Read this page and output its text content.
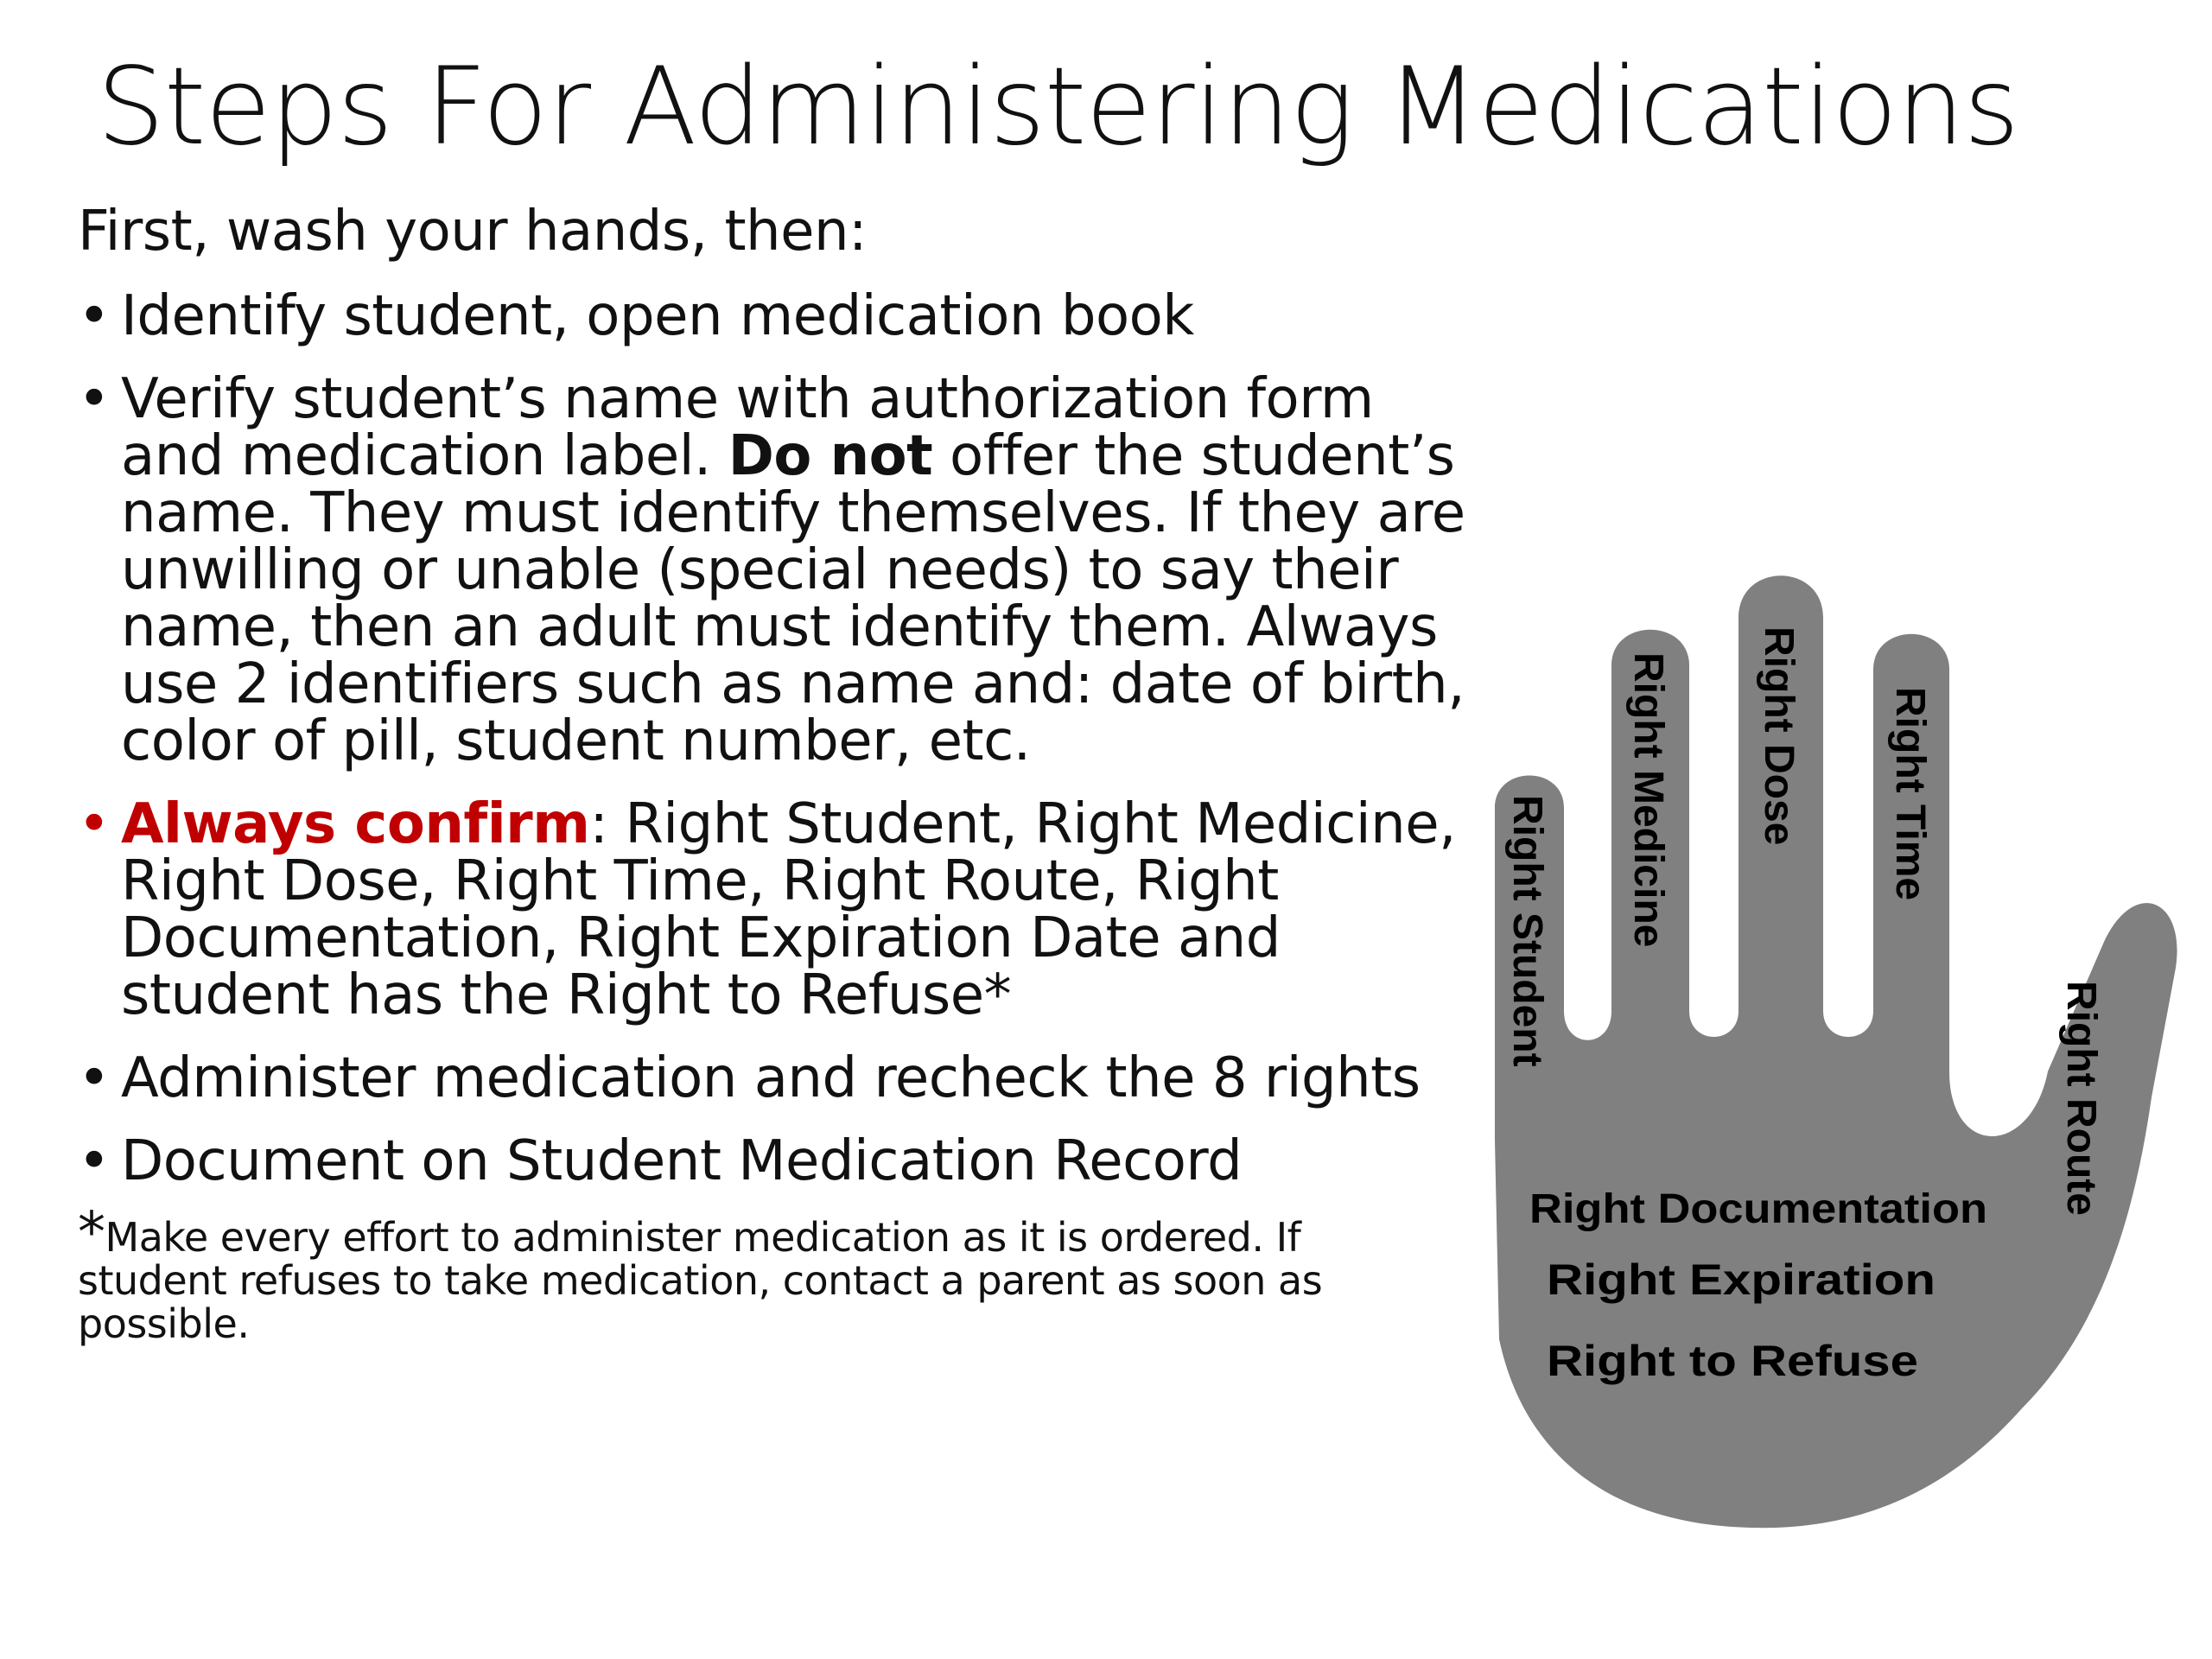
Steps For Administering Medications

First, wash your hands, then:

• Identify student, open medication book
• Verify student’s name with authorization form and medication label. Do not offer the student’s name. They must identify themselves. If they are unwilling or unable (special needs) to say their name, then an adult must identify them. Always use 2 identifiers such as name and: date of birth, color of pill, student number, etc.
• Always confirm: Right Student, Right Medicine, Right Dose, Right Time, Right Route, Right Documentation, Right Expiration Date and student has the Right to Refuse*
• Administer medication and recheck the 8 rights
• Document on Student Medication Record
*Make every effort to administer medication as it is ordered. If student refuses to take medication, contact a parent as soon as possible.
Right Student Right Medicine Right Dose Right Time
Right Route
Right Documentation
Right Expiration
Right to Refuse
